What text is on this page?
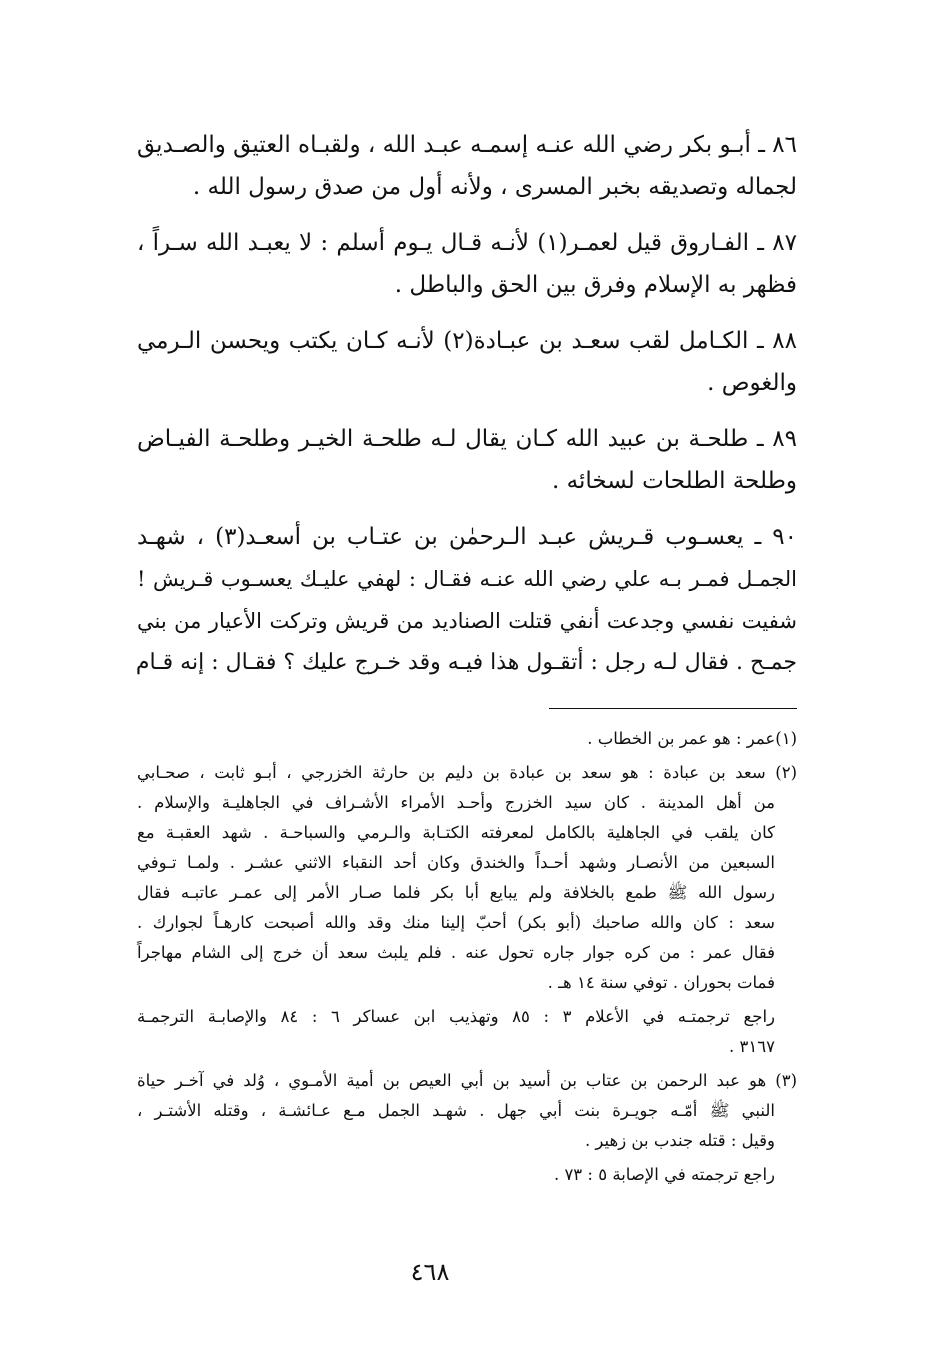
٨٦ ـ أبـو بكر رضي الله عنـه إسمـه عبـد الله ، ولقبـاه العتيق والصـديق
لجماله وتصديقه بخبر المسرى ، ولأنه أول من صدق رسول الله .
٨٧ ـ الفـاروق قيل لعمـر(١) لأنـه قـال يـوم أسلم : لا يعبـد الله سـراً ،
فظهر به الإسلام وفرق بين الحق والباطل .
٨٨ ـ الكـامل لقب سعـد بن عبـادة(٢) لأنـه كـان يكتب ويحسن الـرمي
والغوص .
٨٩ ـ طلحـة بن عبيد الله كـان يقال لـه طلحـة الخيـر وطلحـة الفيـاض
وطلحة الطلحات لسخائه .
٩٠ ـ يعسـوب قـريش عبـد الـرحمٰن بن عتـاب بن أسعـد(٣) ، شهـد
الجمـل فمـر بـه علي رضي الله عنـه فقـال : لهفي عليـك يعسـوب قـريش !
شفيت نفسي وجدعت أنفي قتلت الصناديد من قريش وتركت الأعيار من بني
جمـح . فقال لـه رجل : أتقـول هذا فيـه وقد خـرج عليك ؟ فقـال : إنه قـام
(١)عمر : هو عمر بن الخطاب .
(٢) سعد بن عبادة : هو سعد بن عبادة بن دليم بن حارثة الخزرجي ، أبـو ثابت ، صحـابي
من أهل المدينة . كان سيد الخزرج وأحـد الأمراء الأشـراف في الجاهليـة والإسلام .
كان يلقب في الجاهلية بالكامل لمعرفته الكتـابة والـرمي والسباحـة . شهد العقبـة مع
السبعين من الأنصـار وشهد أحـداً والخندق وكان أحد النقباء الاثني عشـر . ولمـا تـوفي
رسول الله ﷺ طمع بالخلافة ولم يبايع أبا بكر فلما صـار الأمر إلى عمـر عاتبـه فقال
سعد : كان والله صاحبك (أبو بكر) أحبّ إلينا منك وقد والله أصبحت كارهـاً لجوارك .
فقال عمر : من كره جوار جاره تحول عنه . فلم يلبث سعد أن خرج إلى الشام مهاجراً
فمات بحوران . توفي سنة ١٤ هـ .
راجع ترجمتـه في الأعلام ٣ : ٨٥ وتهذيب ابن عساكر ٦ : ٨٤ والإصابـة الترجمـة
٣١٦٧ .
(٣) هو عبد الرحمن بن عتاب بن أسيد بن أبي العيص بن أمية الأمـوي ، وُلد في آخـر حياة
النبي ﷺ أمّـه جويـرة بنت أبي جهل . شهـد الجمل مـع عـائشـة ، وقتله الأشتـر ،
وقيل : قتله جندب بن زهير .
راجع ترجمته في الإصابة ٥ : ٧٣ .
٤٦٨
